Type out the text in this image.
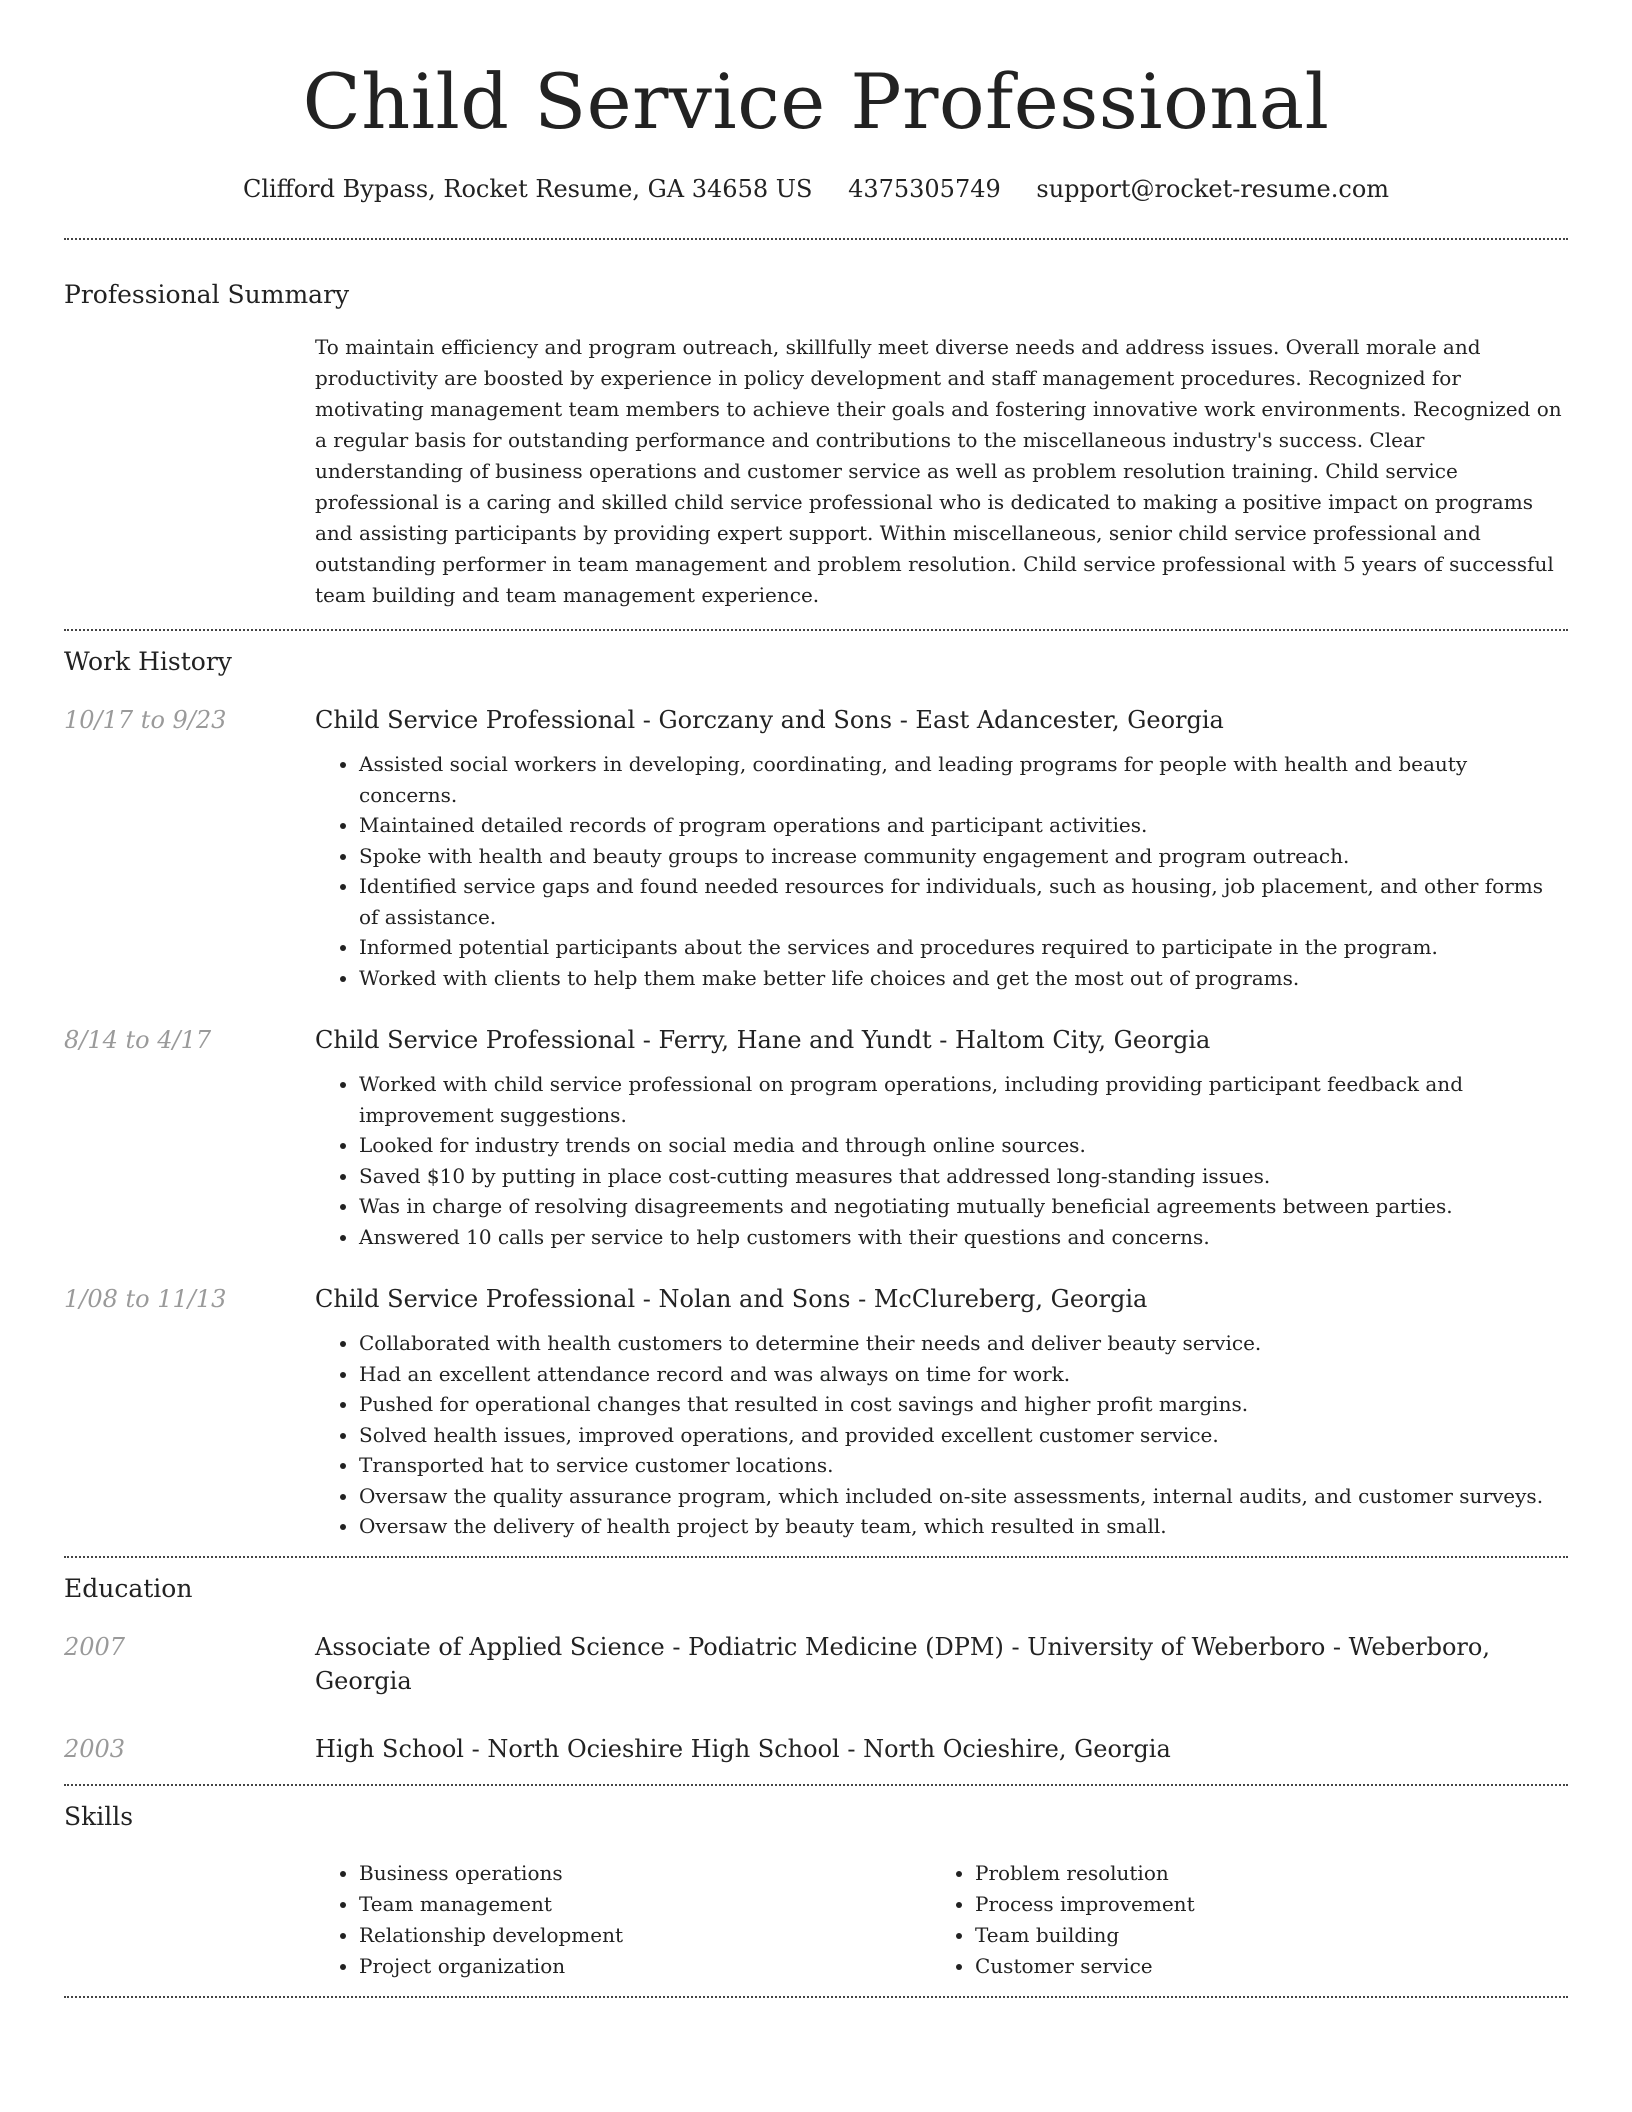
Child Service Professional
Clifford Bypass, Rocket Resume, GA 34658 US 4375305749 support@rocket-resume.com
Professional Summary
To maintain efficiency and program outreach, skillfully meet diverse needs and address issues. Overall morale and productivity are boosted by experience in policy development and staff management procedures. Recognized for motivating management team members to achieve their goals and fostering innovative work environments. Recognized on a regular basis for outstanding performance and contributions to the miscellaneous industry's success. Clear understanding of business operations and customer service as well as problem resolution training. Child service professional is a caring and skilled child service professional who is dedicated to making a positive impact on programs and assisting participants by providing expert support. Within miscellaneous, senior child service professional and outstanding performer in team management and problem resolution. Child service professional with 5 years of successful team building and team management experience.
Work History
10/17 to 9/23	Child Service Professional - Gorczany and Sons - East Adancester, Georgia
• Assisted social workers in developing, coordinating, and leading programs for people with health and beauty concerns.
• Maintained detailed records of program operations and participant activities.
• Spoke with health and beauty groups to increase community engagement and program outreach.
• Identified service gaps and found needed resources for individuals, such as housing, job placement, and other forms of assistance.
• Informed potential participants about the services and procedures required to participate in the program.
• Worked with clients to help them make better life choices and get the most out of programs.
8/14 to 4/17	Child Service Professional - Ferry, Hane and Yundt - Haltom City, Georgia
• Worked with child service professional on program operations, including providing participant feedback and improvement suggestions.
• Looked for industry trends on social media and through online sources.
• Saved $10 by putting in place cost-cutting measures that addressed long-standing issues.
• Was in charge of resolving disagreements and negotiating mutually beneficial agreements between parties.
• Answered 10 calls per service to help customers with their questions and concerns.
1/08 to 11/13	Child Service Professional - Nolan and Sons - McClureberg, Georgia
• Collaborated with health customers to determine their needs and deliver beauty service.
• Had an excellent attendance record and was always on time for work.
• Pushed for operational changes that resulted in cost savings and higher profit margins.
• Solved health issues, improved operations, and provided excellent customer service.
• Transported hat to service customer locations.
• Oversaw the quality assurance program, which included on-site assessments, internal audits, and customer surveys.
• Oversaw the delivery of health project by beauty team, which resulted in small.
Education
2007	Associate of Applied Science - Podiatric Medicine (DPM) - University of Weberboro - Weberboro, Georgia
2003	High School - North Ocieshire High School - North Ocieshire, Georgia
Skills
• Business operations
• Team management
• Relationship development
• Project organization
• Problem resolution
• Process improvement
• Team building
• Customer service
